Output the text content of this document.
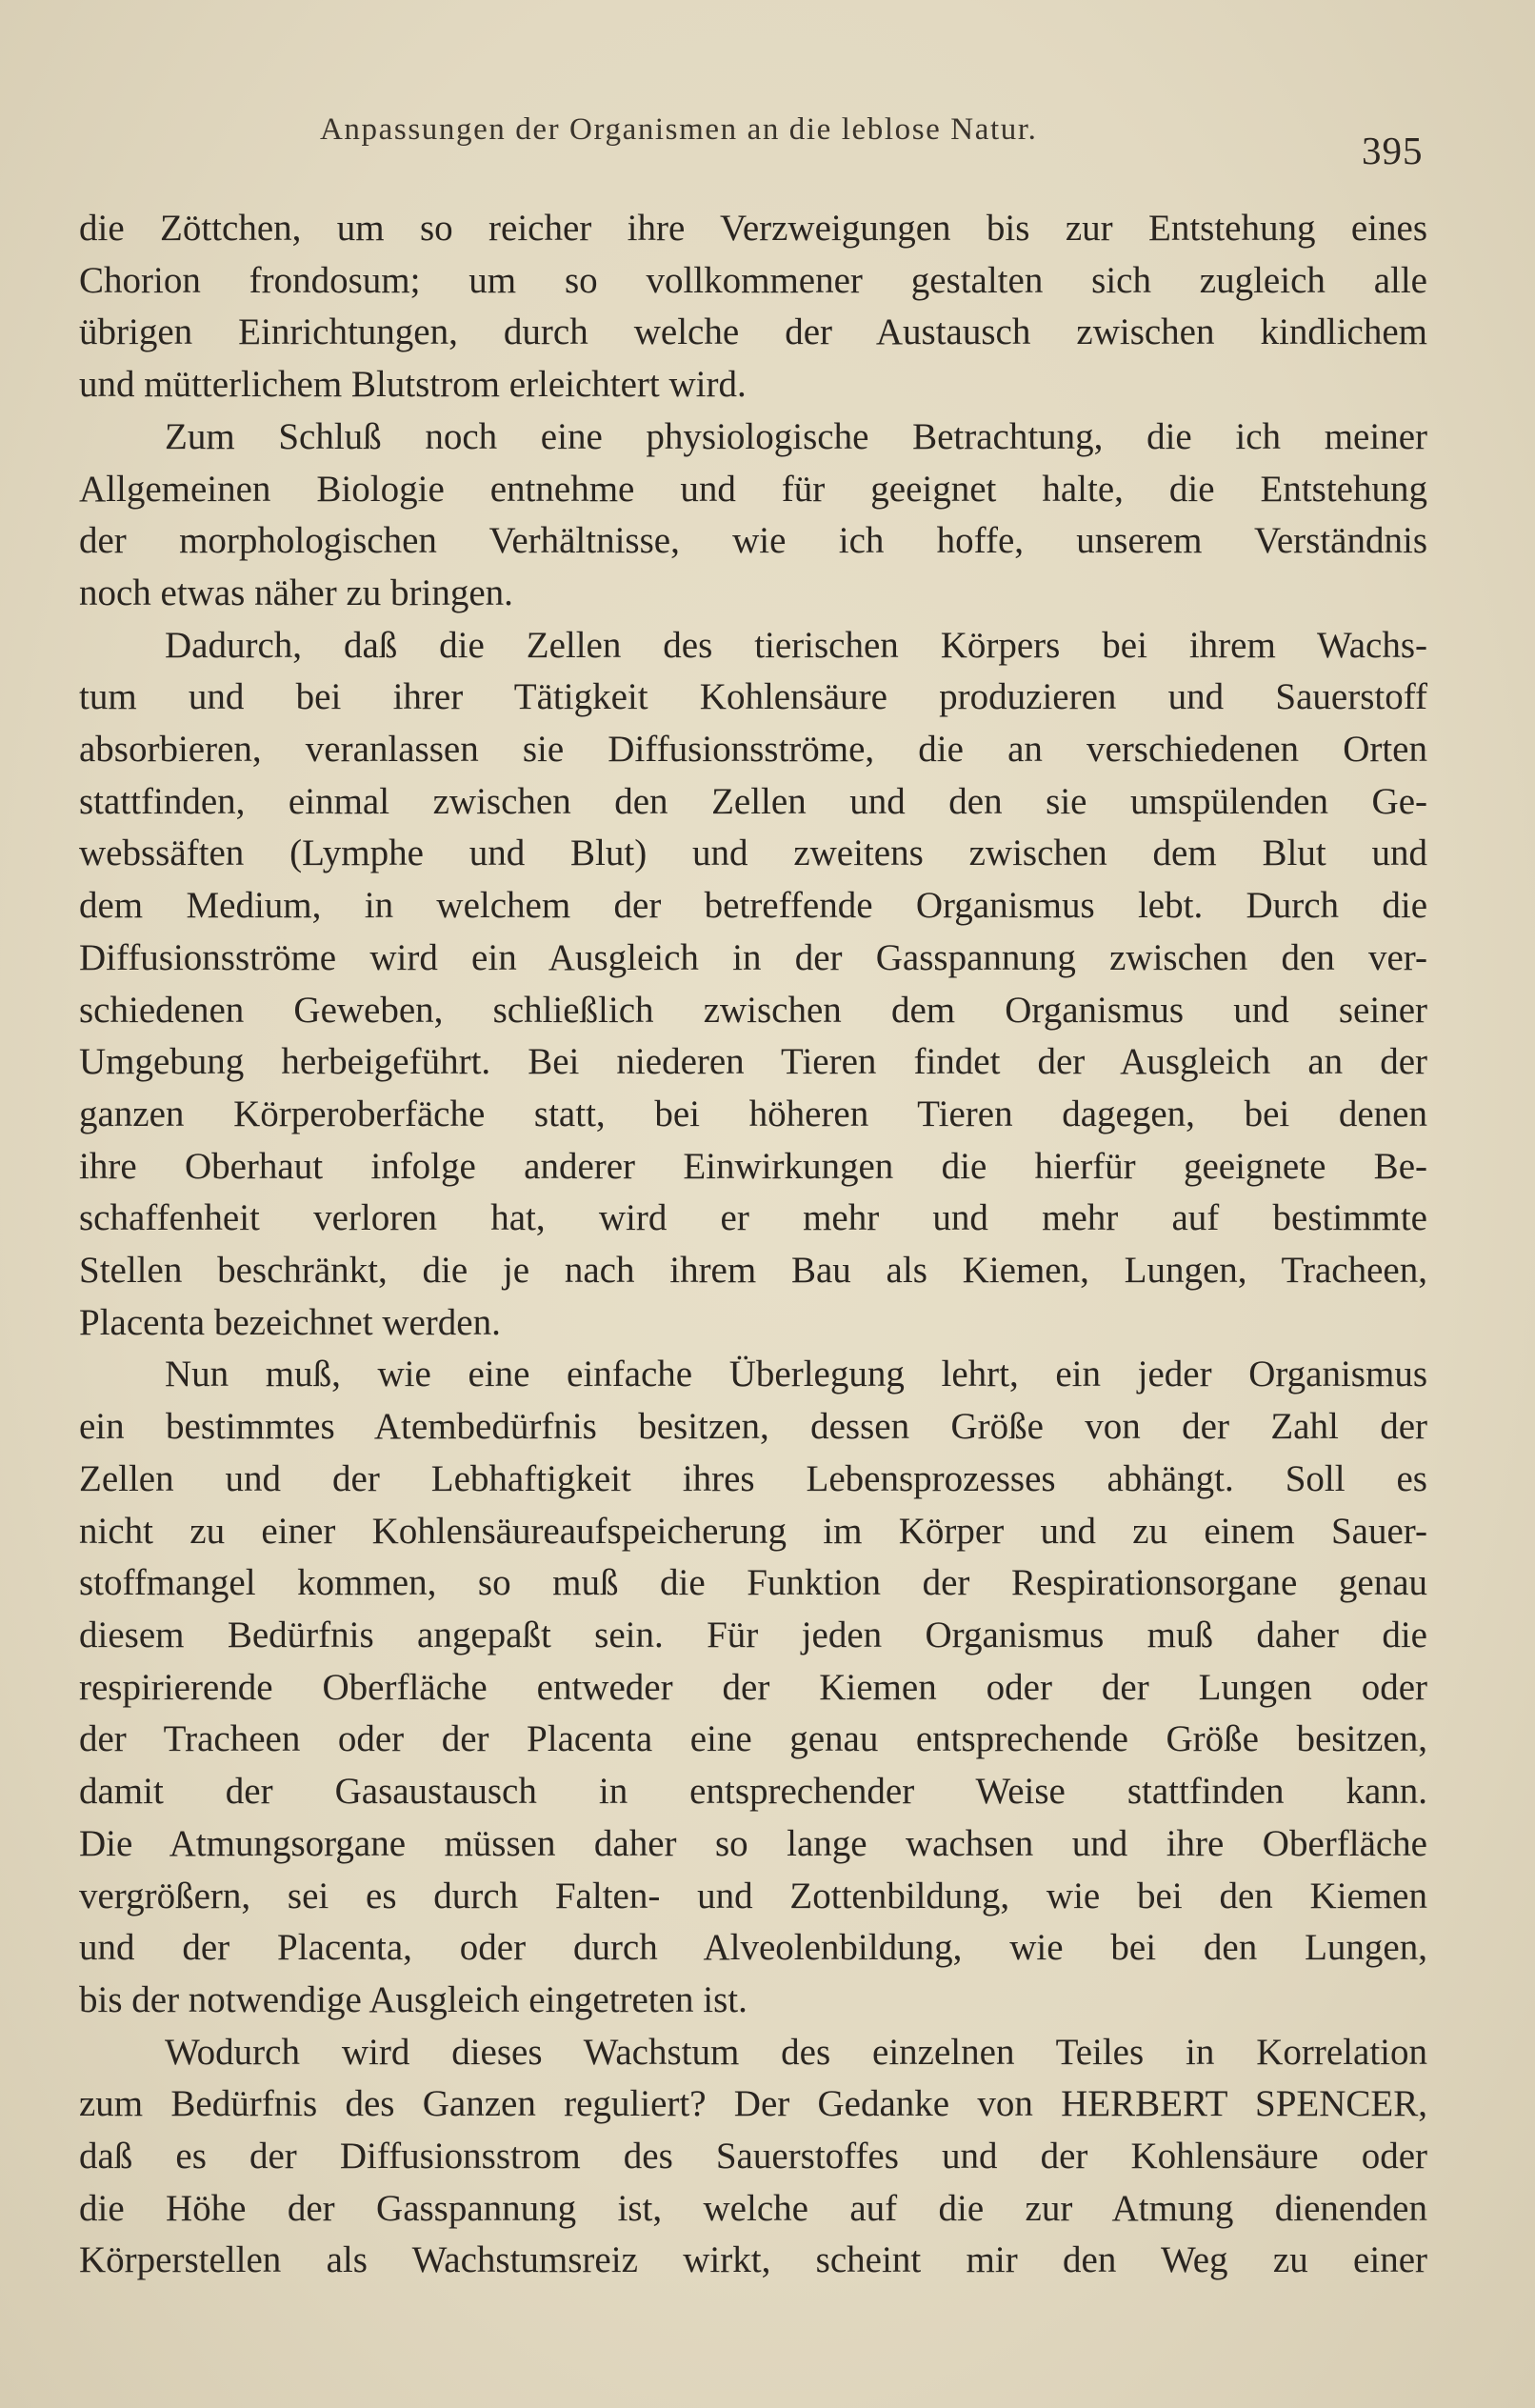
Anpassungen der Organismen an die leblose Natur.	395
die Zöttchen, um so reicher ihre Verzweigungen bis zur Entstehung eines
Chorion frondosum; um so vollkommener gestalten sich zugleich alle
übrigen Einrichtungen, durch welche der Austausch zwischen kindlichem
und mütterlichem Blutstrom erleichtert wird.
Zum Schluß noch eine physiologische Betrachtung, die ich meiner
Allgemeinen Biologie entnehme und für geeignet halte, die Entstehung
der morphologischen Verhältnisse, wie ich hoffe, unserem Verständnis
noch etwas näher zu bringen.
Dadurch, daß die Zellen des tierischen Körpers bei ihrem Wachs-
tum und bei ihrer Tätigkeit Kohlensäure produzieren und Sauerstoff
absorbieren, veranlassen sie Diffusionsströme, die an verschiedenen Orten
stattfinden, einmal zwischen den Zellen und den sie umspülenden Ge-
webssäften (Lymphe und Blut) und zweitens zwischen dem Blut und
dem Medium, in welchem der betreffende Organismus lebt. Durch die
Diffusionsströme wird ein Ausgleich in der Gasspannung zwischen den ver-
schiedenen Geweben, schließlich zwischen dem Organismus und seiner
Umgebung herbeigeführt. Bei niederen Tieren findet der Ausgleich an der
ganzen Körperoberfäche statt, bei höheren Tieren dagegen, bei denen
ihre Oberhaut infolge anderer Einwirkungen die hierfür geeignete Be-
schaffenheit verloren hat, wird er mehr und mehr auf bestimmte
Stellen beschränkt, die je nach ihrem Bau als Kiemen, Lungen, Tracheen,
Placenta bezeichnet werden.
Nun muß, wie eine einfache Überlegung lehrt, ein jeder Organismus
ein bestimmtes Atembedürfnis besitzen, dessen Größe von der Zahl der
Zellen und der Lebhaftigkeit ihres Lebensprozesses abhängt. Soll es
nicht zu einer Kohlensäureaufspeicherung im Körper und zu einem Sauer-
stoffmangel kommen, so muß die Funktion der Respirationsorgane genau
diesem Bedürfnis angepaßt sein. Für jeden Organismus muß daher die
respirierende Oberfläche entweder der Kiemen oder der Lungen oder
der Tracheen oder der Placenta eine genau entsprechende Größe besitzen,
damit der Gasaustausch in entsprechender Weise stattfinden kann.
Die Atmungsorgane müssen daher so lange wachsen und ihre Oberfläche
vergrößern, sei es durch Falten- und Zottenbildung, wie bei den Kiemen
und der Placenta, oder durch Alveolenbildung, wie bei den Lungen,
bis der notwendige Ausgleich eingetreten ist.
Wodurch wird dieses Wachstum des einzelnen Teiles in Korrelation
zum Bedürfnis des Ganzen reguliert? Der Gedanke von HERBERT SPENCER,
daß es der Diffusionsstrom des Sauerstoffes und der Kohlensäure oder
die Höhe der Gasspannung ist, welche auf die zur Atmung dienenden
Körperstellen als Wachstumsreiz wirkt, scheint mir den Weg zu einer
